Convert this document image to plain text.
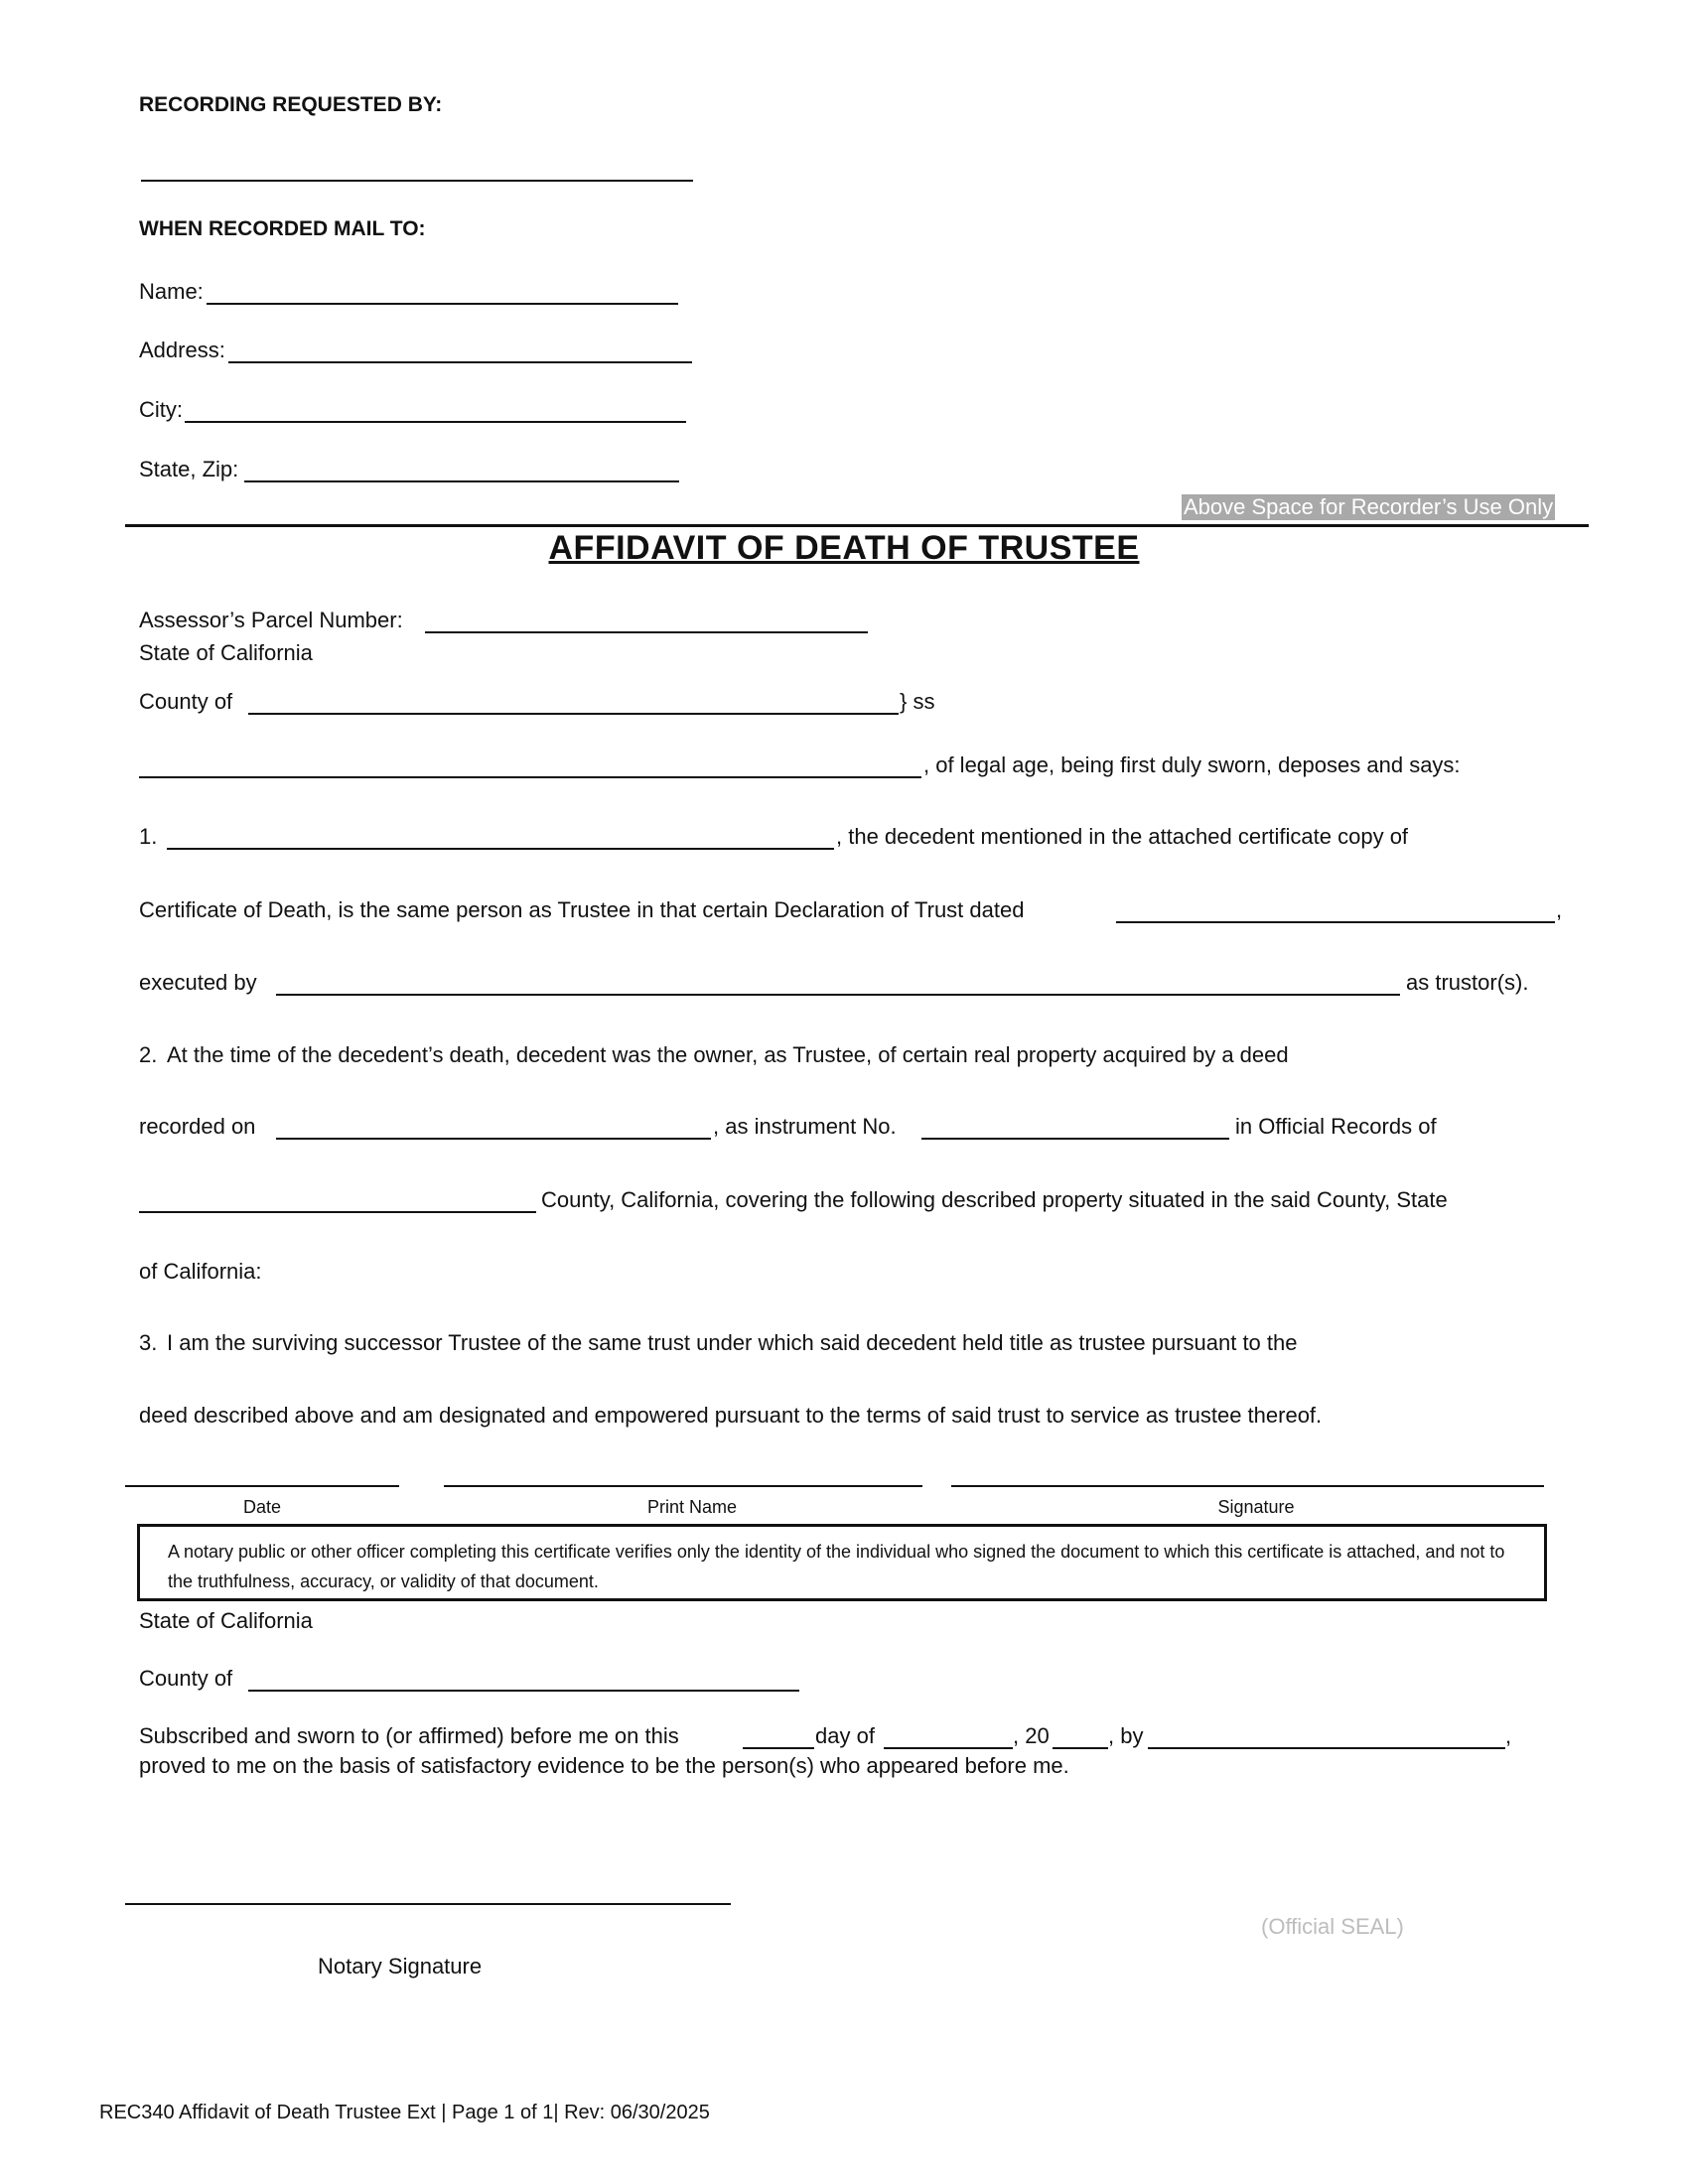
RECORDING REQUESTED BY:
WHEN RECORDED MAIL TO:
Name:
Address:
City:
State, Zip:
Above Space for Recorder’s Use Only
AFFIDAVIT OF DEATH OF TRUSTEE
Assessor’s Parcel Number:
State of California
County of	} ss
, of legal age, being first duly sworn, deposes and says:
1.	, the decedent mentioned in the attached certificate copy of
Certificate of Death, is the same person as Trustee in that certain Declaration of Trust dated	,
executed by	as trustor(s).
2. At the time of the decedent’s death, decedent was the owner, as Trustee, of certain real property acquired by a deed
recorded on	, as instrument No.	in Official Records of
County, California, covering the following described property situated in the said County, State
of California:
3. I am the surviving successor Trustee of the same trust under which said decedent held title as trustee pursuant to the
deed described above and am designated and empowered pursuant to the terms of said trust to service as trustee thereof.
Date	Print Name	Signature
A notary public or other officer completing this certificate verifies only the identity of the individual who signed the document to which this certificate is attached, and not to the truthfulness, accuracy, or validity of that document.
State of California
County of
Subscribed and sworn to (or affirmed) before me on this	day of	, 20	, by	,
proved to me on the basis of satisfactory evidence to be the person(s) who appeared before me.
Notary Signature
(Official SEAL)
REC340 Affidavit of Death Trustee Ext | Page 1 of 1| Rev: 06/30/2025
